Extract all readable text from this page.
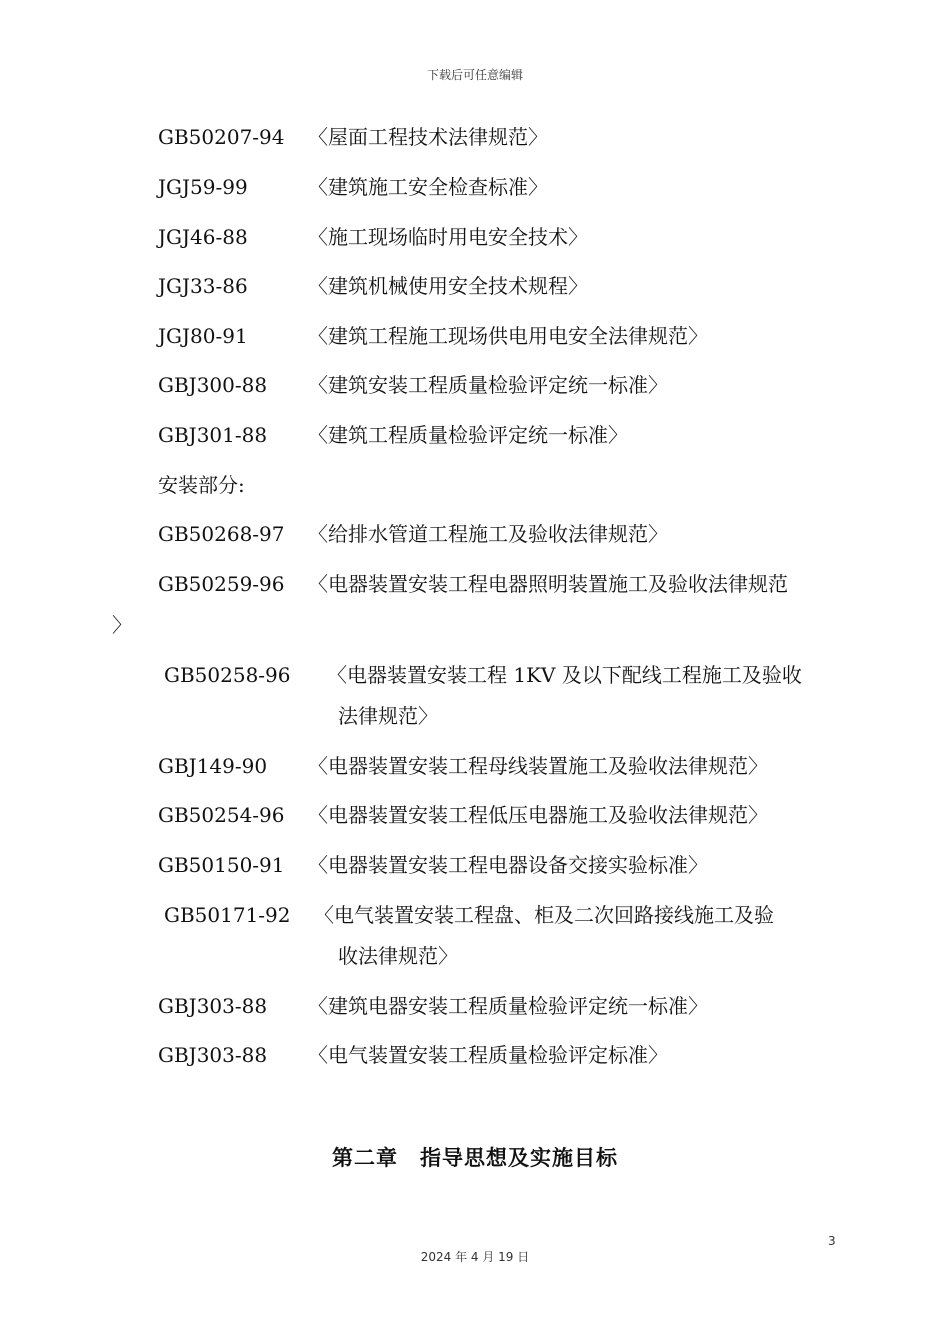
下载后可任意编辑
GB50207-94 〈屋面工程技术法律规范〉
JGJ59-99	〈建筑施工安全检查标准〉
JGJ46-88	〈施工现场临时用电安全技术〉
JGJ33-86	〈建筑机械使用安全技术规程〉
JGJ80-91	〈建筑工程施工现场供电用电安全法律规范〉
GBJ300-88 〈建筑安装工程质量检验评定统一标准〉
GBJ301-88 〈建筑工程质量检验评定统一标准〉
安装部分:
GB50268-97 〈给排水管道工程施工及验收法律规范〉
GB50259-96 〈电器装置安装工程电器照明装置施工及验收法律规范
〉
GB50258-96 〈电器装置安装工程 1KV 及以下配线工程施工及验收
法律规范〉
GBJ149-90 〈电器装置安装工程母线装置施工及验收法律规范〉
GB50254-96 〈电器装置安装工程低压电器施工及验收法律规范〉
GB50150-91 〈电器装置安装工程电器设备交接实验标准〉
GB50171-92 〈电气装置安装工程盘、柜及二次回路接线施工及验
收法律规范〉
GBJ303-88 〈建筑电器安装工程质量检验评定统一标准〉
GBJ303-88 〈电气装置安装工程质量检验评定标准〉
第二章　指导思想及实施目标
3
2024 年 4 月 19 日
